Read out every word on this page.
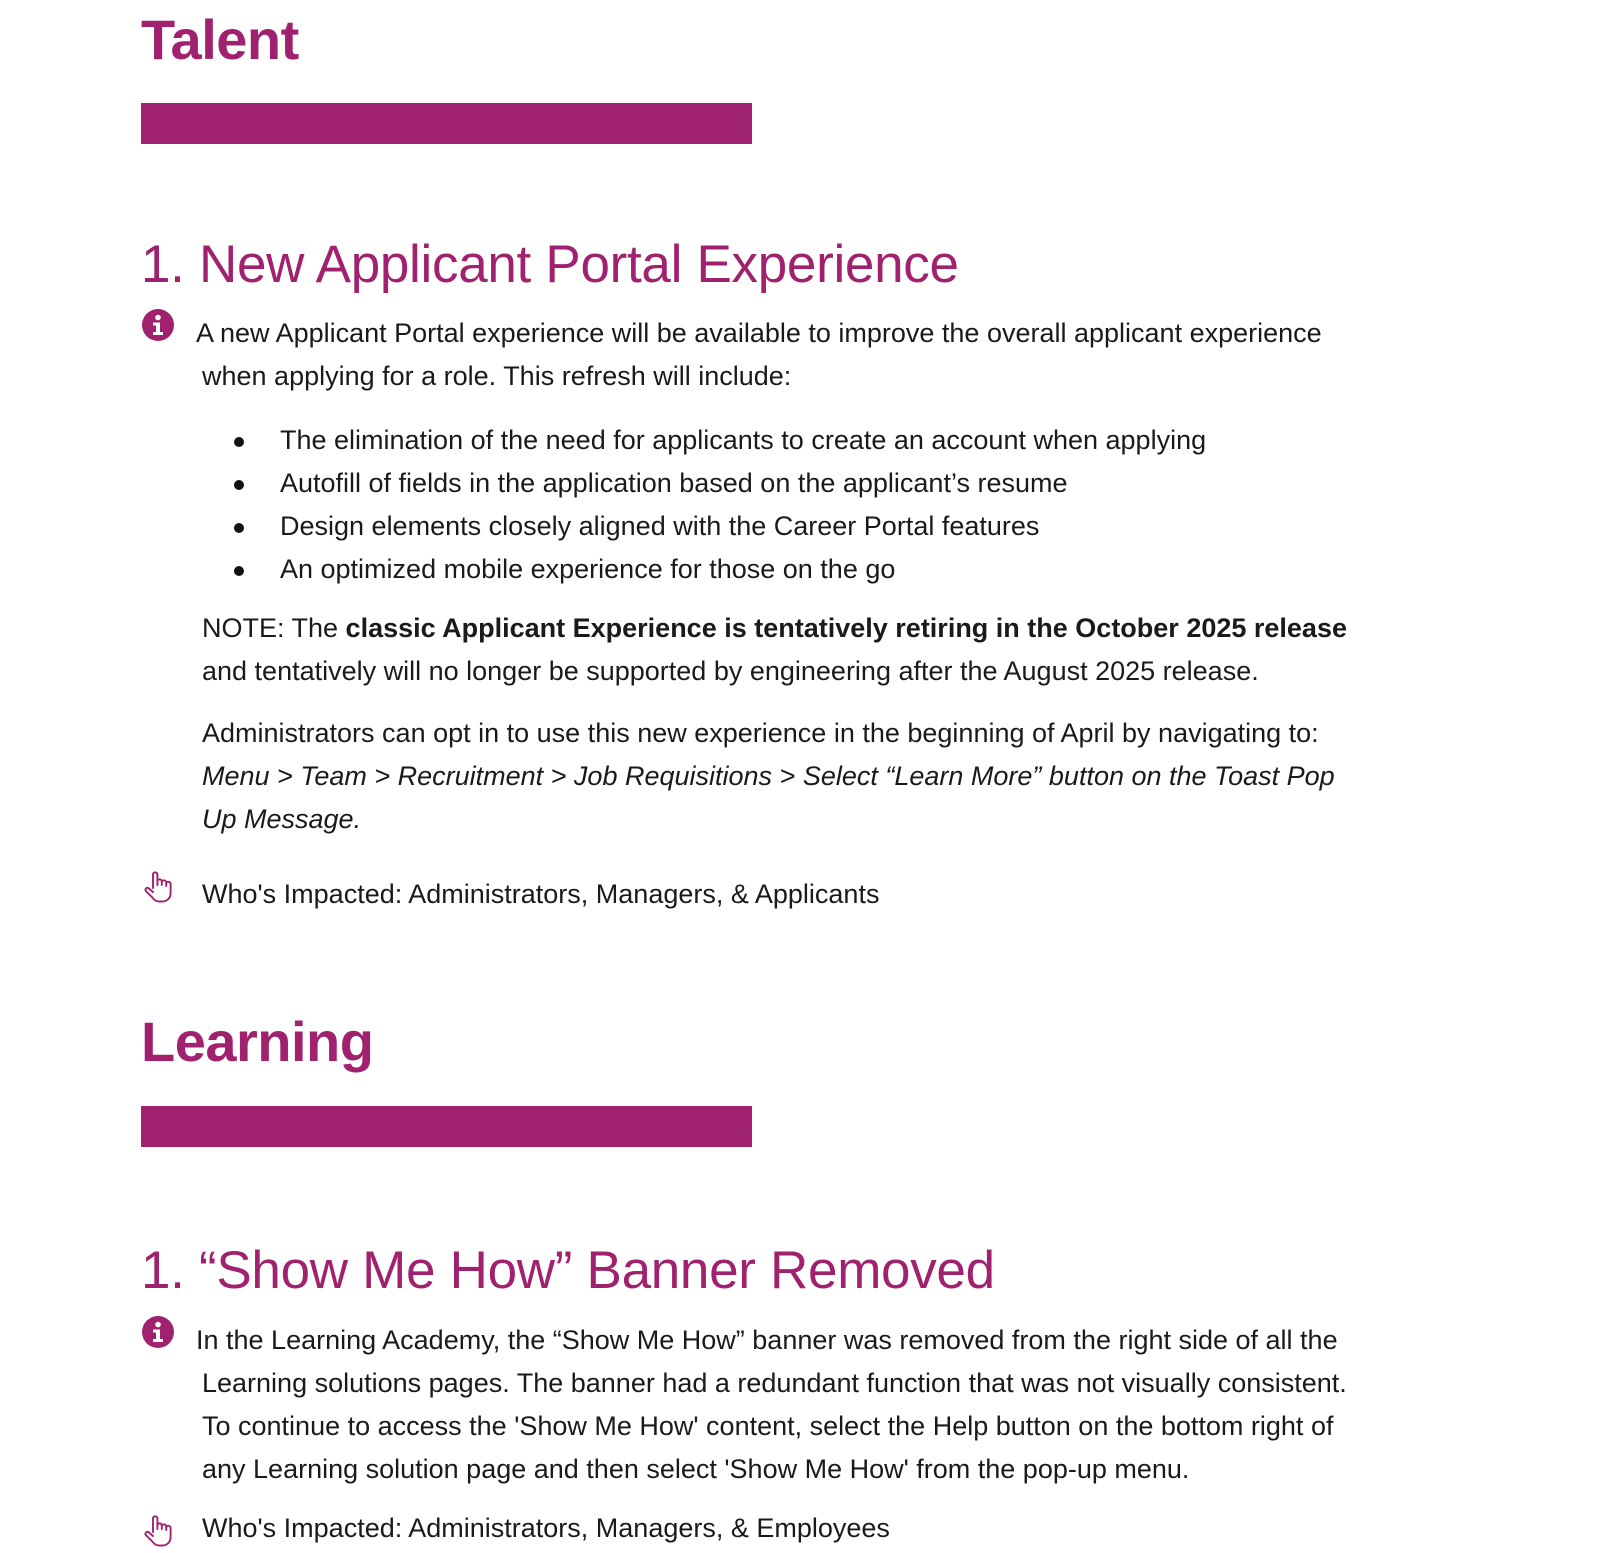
Talent
1. New Applicant Portal Experience
A new Applicant Portal experience will be available to improve the overall applicant experience
when applying for a role. This refresh will include:
The elimination of the need for applicants to create an account when applying
Autofill of fields in the application based on the applicant’s resume
Design elements closely aligned with the Career Portal features
An optimized mobile experience for those on the go
NOTE: The classic Applicant Experience is tentatively retiring in the October 2025 release
and tentatively will no longer be supported by engineering after the August 2025 release.
Administrators can opt in to use this new experience in the beginning of April by navigating to:
Menu > Team > Recruitment > Job Requisitions > Select “Learn More” button on the Toast Pop
Up Message.
Who's Impacted: Administrators, Managers, & Applicants
Learning
1. “Show Me How” Banner Removed
In the Learning Academy, the “Show Me How” banner was removed from the right side of all the
Learning solutions pages. The banner had a redundant function that was not visually consistent.
To continue to access the 'Show Me How' content, select the Help button on the bottom right of
any Learning solution page and then select 'Show Me How' from the pop-up menu.
Who's Impacted: Administrators, Managers, & Employees
